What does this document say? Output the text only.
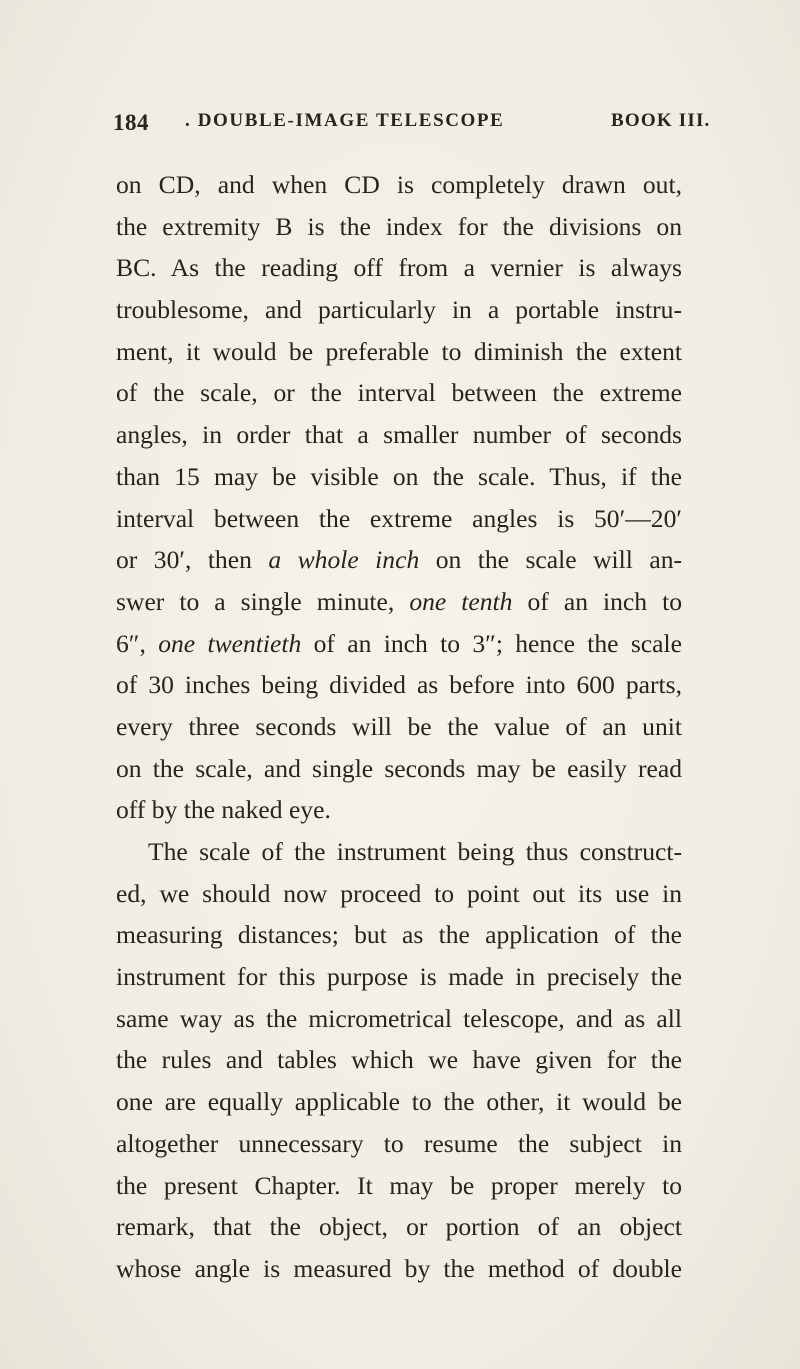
184 . DOUBLE-IMAGE TELESCOPE	BOOK III.
on CD, and when CD is completely drawn out,
the extremity B is the index for the divisions on
BC. As the reading off from a vernier is always
troublesome, and particularly in a portable instru-
ment, it would be preferable to diminish the extent
of the scale, or the interval between the extreme
angles, in order that a smaller number of seconds
than 15 may be visible on the scale. Thus, if the
interval between the extreme angles is 50′—20′
or 30′, then a whole inch on the scale will an-
swer to a single minute, one tenth of an inch to
6″, one twentieth of an inch to 3″; hence the scale
of 30 inches being divided as before into 600 parts,
every three seconds will be the value of an unit
on the scale, and single seconds may be easily read
off by the naked eye.
The scale of the instrument being thus construct-
ed, we should now proceed to point out its use in
measuring distances; but as the application of the
instrument for this purpose is made in precisely the
same way as the micrometrical telescope, and as all
the rules and tables which we have given for the
one are equally applicable to the other, it would be
altogether unnecessary to resume the subject in
the present Chapter. It may be proper merely to
remark, that the object, or portion of an object
whose angle is measured by the method of double
